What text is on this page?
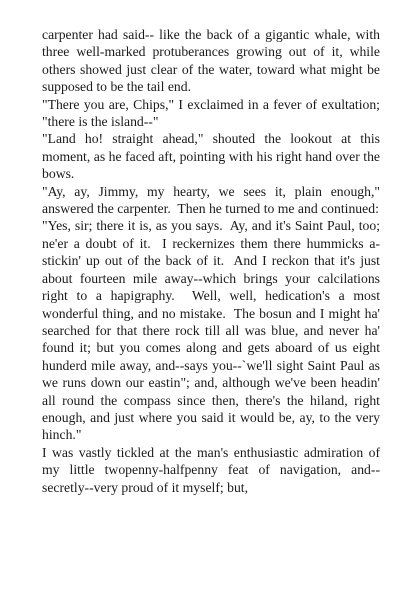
carpenter had said-- like the back of a gigantic whale, with three well-marked protuberances growing out of it, while others showed just clear of the water, toward what might be supposed to be the tail end.

"There you are, Chips," I exclaimed in a fever of exultation; "there is the island--"

"Land ho! straight ahead," shouted the lookout at this moment, as he faced aft, pointing with his right hand over the bows.

"Ay, ay, Jimmy, my hearty, we sees it, plain enough," answered the carpenter.  Then he turned to me and continued:

"Yes, sir; there it is, as you says.  Ay, and it's Saint Paul, too; ne'er a doubt of it.  I reckernizes them there hummicks a-stickin' up out of the back of it.  And I reckon that it's just about fourteen mile away--which brings your calcilations right to a hapigraphy.  Well, well, hedication's a most wonderful thing, and no mistake.  The bosun and I might ha' searched for that there rock till all was blue, and never ha' found it; but you comes along and gets aboard of us eight hunderd mile away, and--says you--`we'll sight Saint Paul as we runs down our eastin"; and, although we've been headin' all round the compass since then, there's the hiland, right enough, and just where you said it would be, ay, to the very hinch."

I was vastly tickled at the man's enthusiastic admiration of my little twopenny-halfpenny feat of navigation, and--secretly--very proud of it myself; but,
